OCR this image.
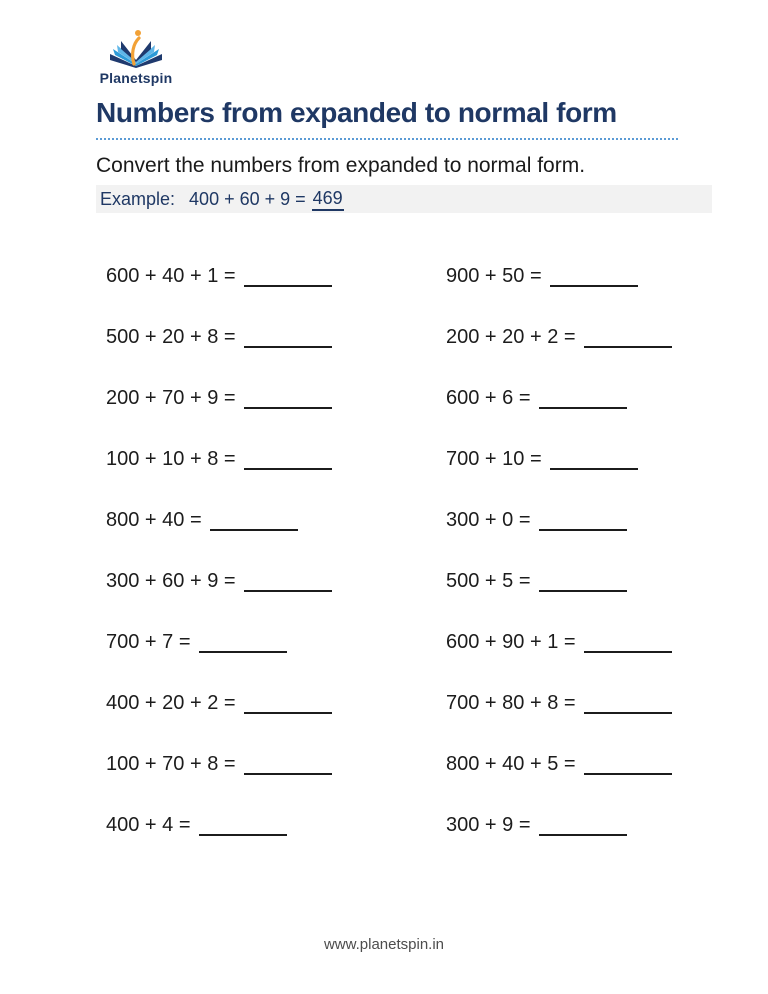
Planetspin
Numbers from expanded to normal form

Convert the numbers from expanded to normal form.

Example: 400 + 60 + 9 = 469
600 + 40 + 1 =
500 + 20 + 8 =
200 + 70 + 9 =
100 + 10 + 8 =
800 + 40 =
300 + 60 + 9 =
700 + 7 =
400 + 20 + 2 =
100 + 70 + 8 =
400 + 4 =
900 + 50 =
200 + 20 + 2 =
600 + 6 =
700 + 10 =
300 + 0 =
500 + 5 =
600 + 90 + 1 =
700 + 80 + 8 =
800 + 40 + 5 =
300 + 9 =
www.planetspin.in
